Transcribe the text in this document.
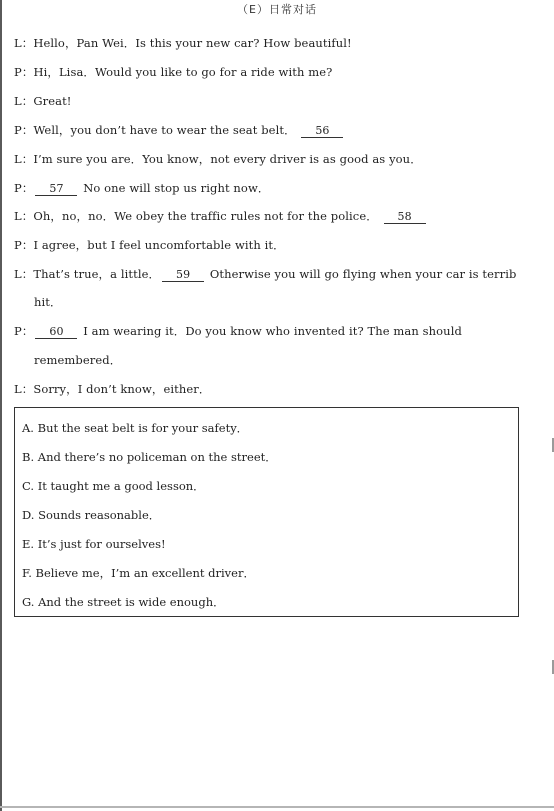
（E）日常对话
L：Hello，Pan Wei．Is this your new car? How beautiful!
P：Hi，Lisa．Would you like to go for a ride with me?
L：Great!
P：Well，you don’t have to wear the seat belt． 56
L：I’m sure you are．You know，not every driver is as good as you．
P： 57 No one will stop us right now．
L：Oh，no，no．We obey the traffic rules not for the police． 58
P：I agree，but I feel uncomfortable with it．
L：That’s true，a little． 59 Otherwise you will go flying when your car is terrib
hit．
P： 60 I am wearing it．Do you know who invented it? The man should
remembered．
L：Sorry，I don’t know，either．
A. But the seat belt is for your safety．
B. And there’s no policeman on the street．
C. It taught me a good lesson．
D. Sounds reasonable．
E. It’s just for ourselves!
F. Believe me，I’m an excellent driver．
G. And the street is wide enough．
